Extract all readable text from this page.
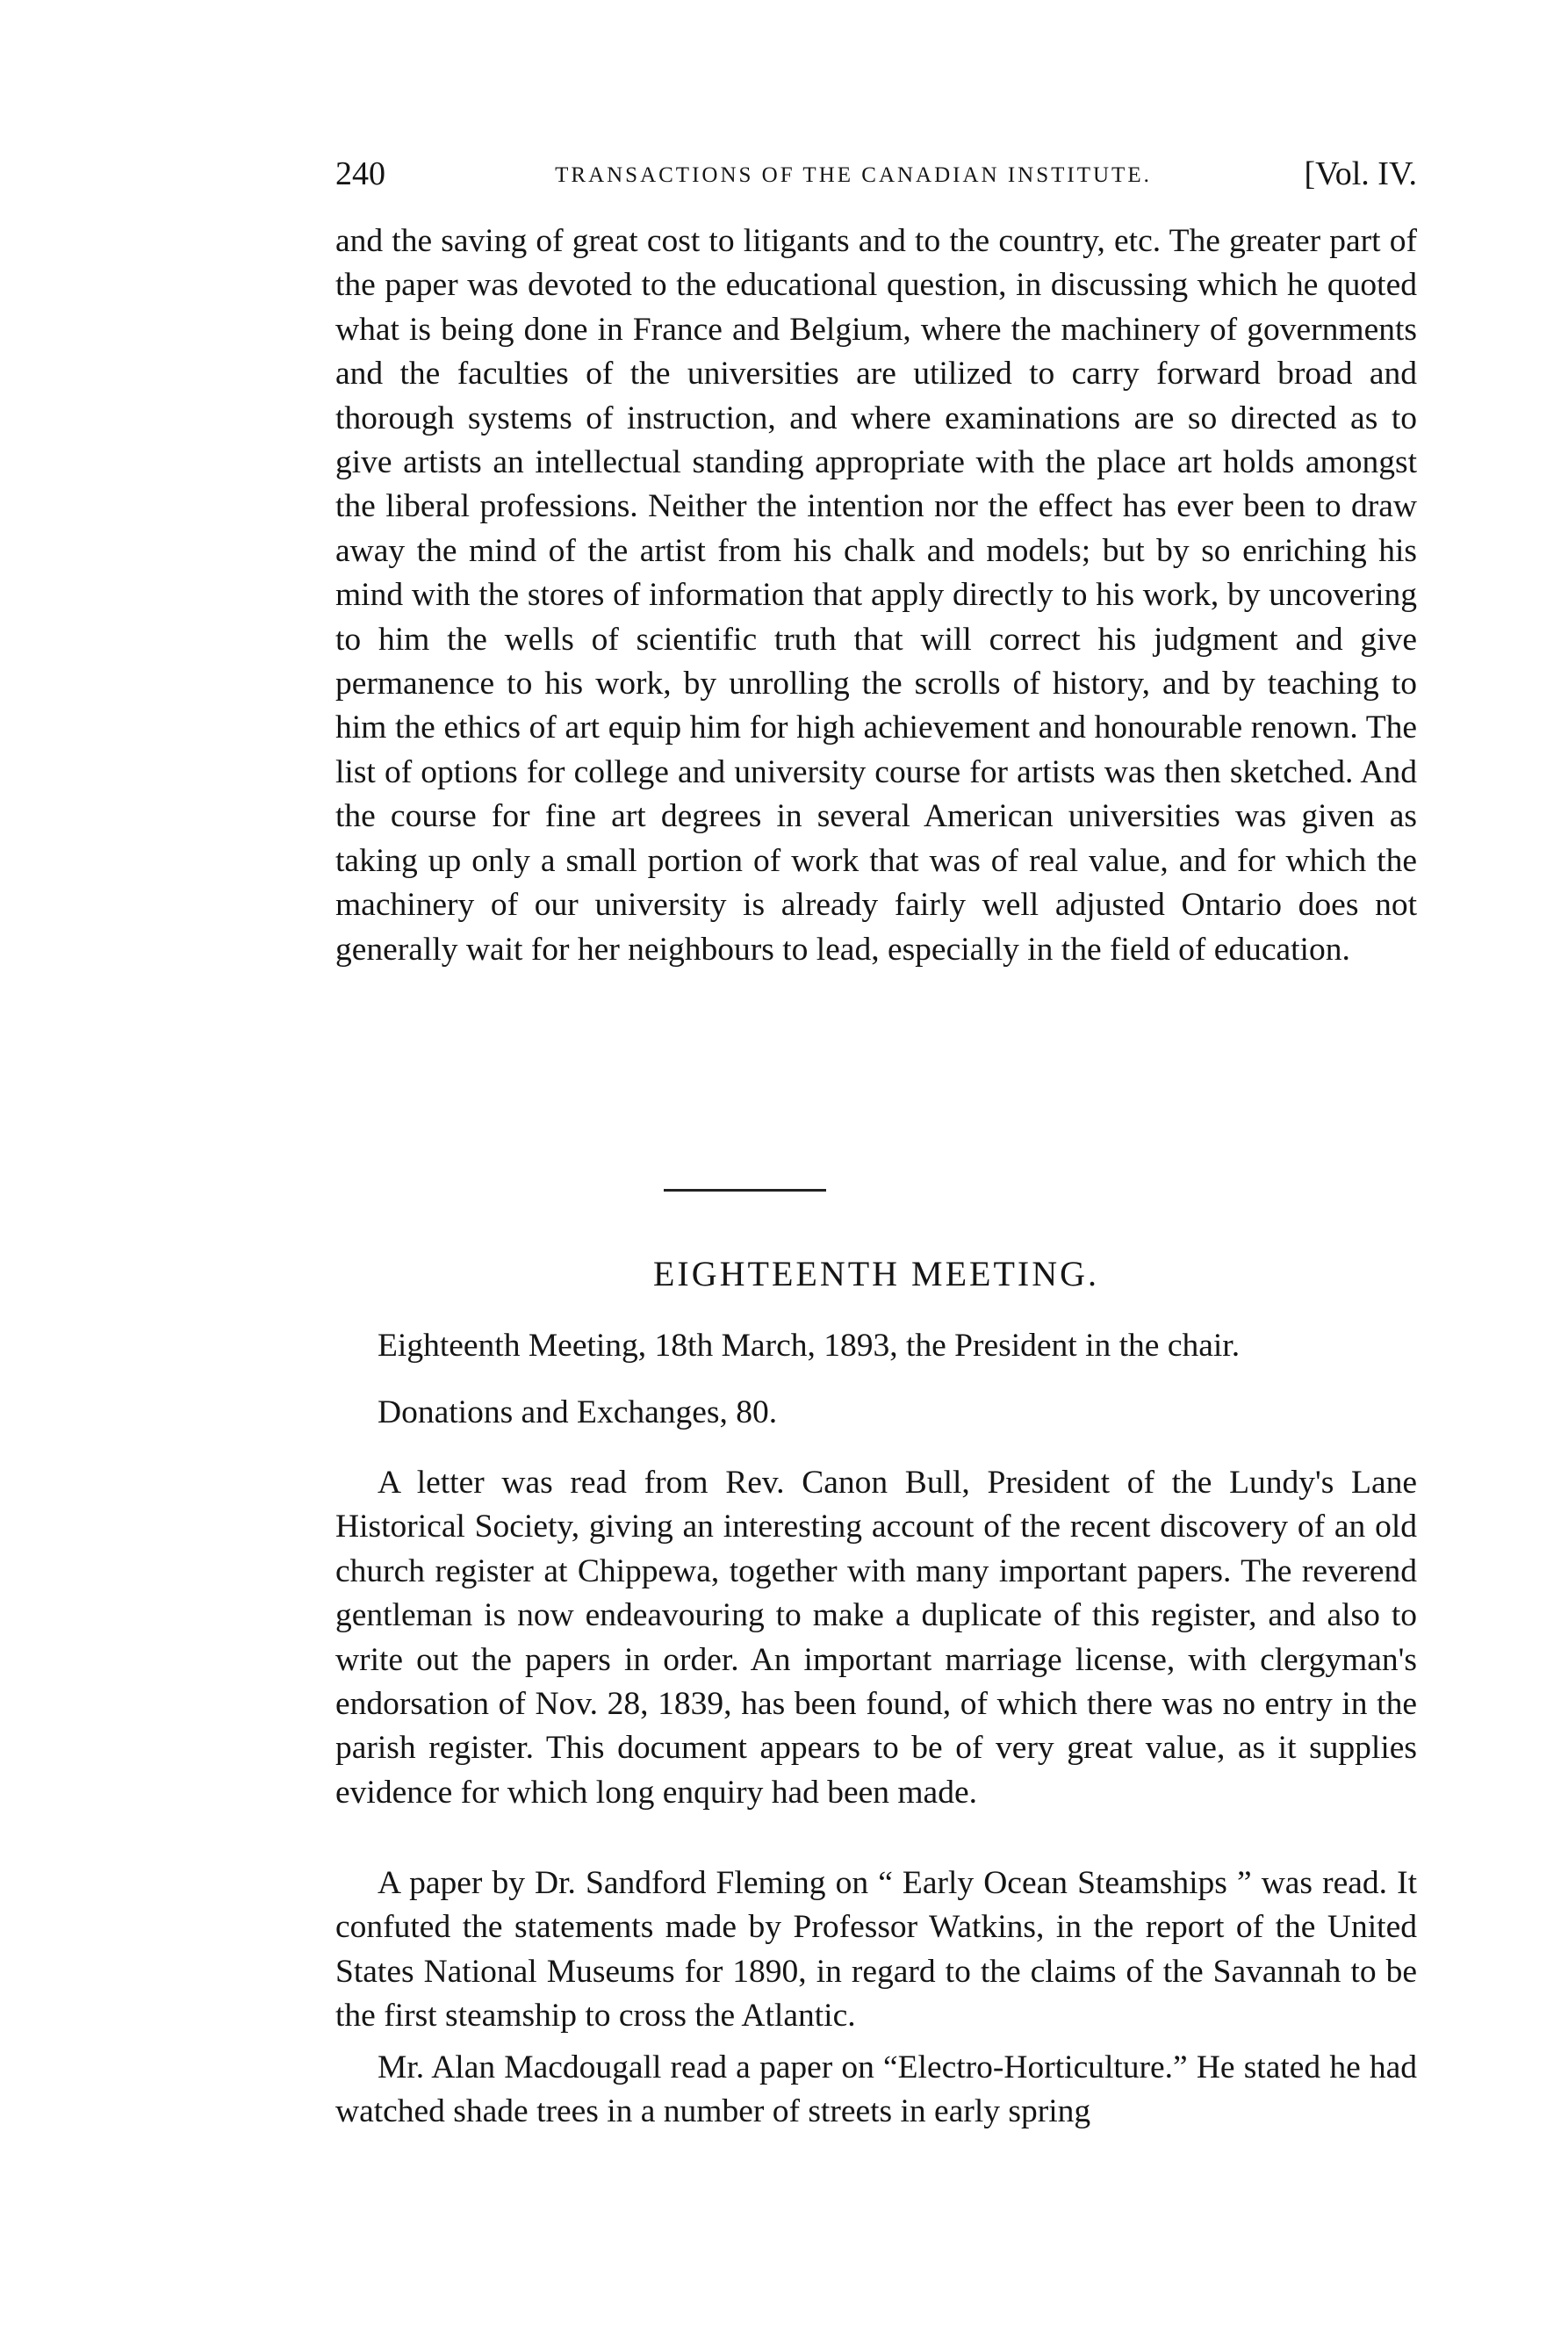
240	TRANSACTIONS OF THE CANADIAN INSTITUTE.	[Vol. IV.

and the saving of great cost to litigants and to the country, etc. The greater part of the paper was devoted to the educational question, in discussing which he quoted what is being done in France and Belgium, where the machinery of governments and the faculties of the universities are utilized to carry forward broad and thorough systems of instruction, and where examinations are so directed as to give artists an intellectual standing appropriate with the place art holds amongst the liberal professions. Neither the intention nor the effect has ever been to draw away the mind of the artist from his chalk and models; but by so enriching his mind with the stores of information that apply directly to his work, by uncovering to him the wells of scientific truth that will correct his judgment and give permanence to his work, by unrolling the scrolls of history, and by teaching to him the ethics of art equip him for high achievement and honourable renown. The list of options for college and university course for artists was then sketched. And the course for fine art degrees in several American universities was given as taking up only a small portion of work that was of real value, and for which the machinery of our university is already fairly well adjusted Ontario does not generally wait for her neighbours to lead, especially in the field of education.

EIGHTEENTH MEETING.

Eighteenth Meeting, 18th March, 1893, the President in the chair.

Donations and Exchanges, 80.

A letter was read from Rev. Canon Bull, President of the Lundy's Lane Historical Society, giving an interesting account of the recent discovery of an old church register at Chippewa, together with many important papers. The reverend gentleman is now endeavouring to make a duplicate of this register, and also to write out the papers in order. An important marriage license, with clergyman's endorsation of Nov. 28, 1839, has been found, of which there was no entry in the parish register. This document appears to be of very great value, as it supplies evidence for which long enquiry had been made.

A paper by Dr. Sandford Fleming on “ Early Ocean Steamships ” was read. It confuted the statements made by Professor Watkins, in the report of the United States National Museums for 1890, in regard to the claims of the Savannah to be the first steamship to cross the Atlantic.

Mr. Alan Macdougall read a paper on “Electro-Horticulture.” He stated he had watched shade trees in a number of streets in early spring
